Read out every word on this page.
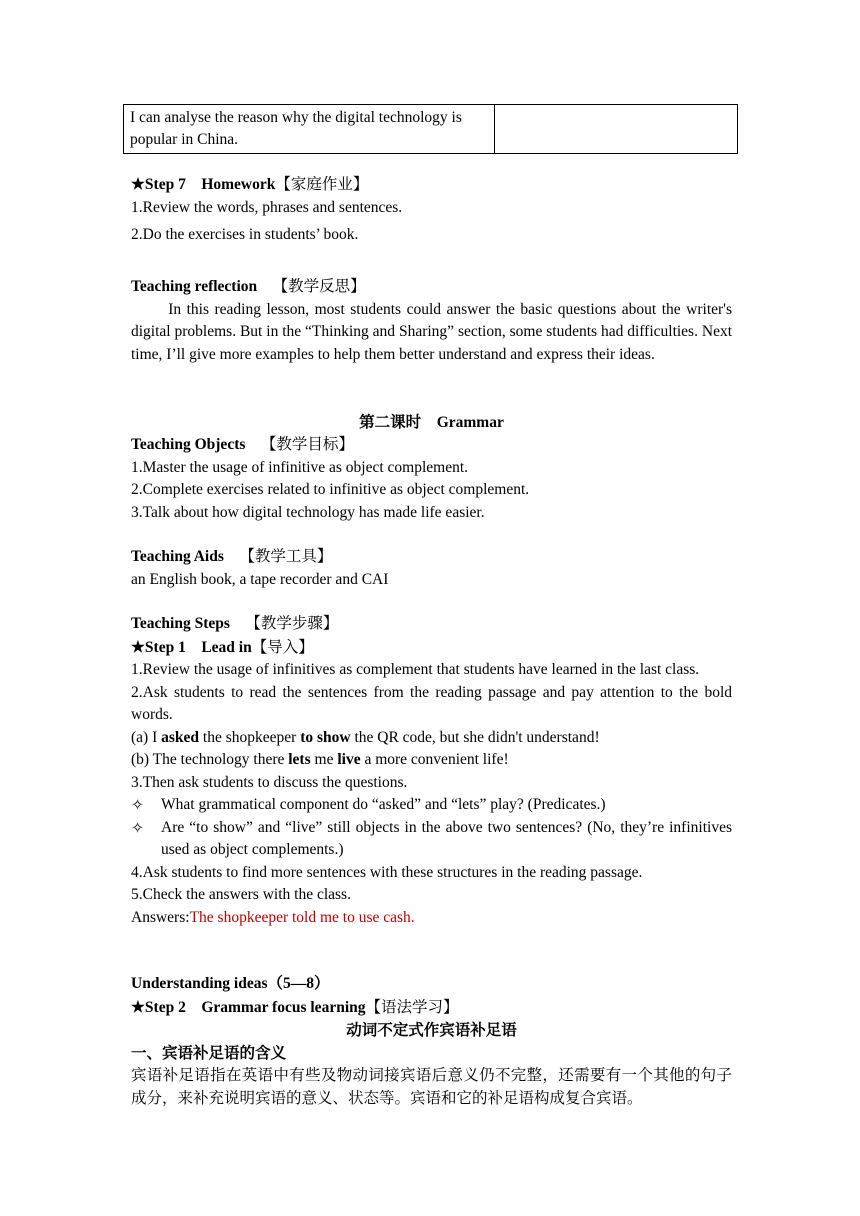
I can analyse the reason why the digital technology is popular in China.	
★Step 7 Homework【家庭作业】
1.Review the words, phrases and sentences.
2.Do the exercises in students’ book.
Teaching reflection 【教学反思】
In this reading lesson, most students could answer the basic questions about the writer's digital problems. But in the “Thinking and Sharing” section, some students had difficulties. Next time, I’ll give more examples to help them better understand and express their ideas.
第二课时 Grammar
Teaching Objects 【教学目标】
1.Master the usage of infinitive as object complement.
2.Complete exercises related to infinitive as object complement.
3.Talk about how digital technology has made life easier.
Teaching Aids 【教学工具】
an English book, a tape recorder and CAI
Teaching Steps 【教学步骤】
★Step 1 Lead in【导入】
1.Review the usage of infinitives as complement that students have learned in the last class.
2.Ask students to read the sentences from the reading passage and pay attention to the bold words.
(a) I asked the shopkeeper to show the QR code, but she didn't understand!
(b) The technology there lets me live a more convenient life!
3.Then ask students to discuss the questions.
✧	What grammatical component do “asked” and “lets” play? (Predicates.)
✧	Are “to show” and “live” still objects in the above two sentences? (No, they’re infinitives used as object complements.)
4.Ask students to find more sentences with these structures in the reading passage.
5.Check the answers with the class.
Answers:The shopkeeper told me to use cash.
Understanding ideas（5—8）
★Step 2 Grammar focus learning【语法学习】
动词不定式作宾语补足语
一、宾语补足语的含义
宾语补足语指在英语中有些及物动词接宾语后意义仍不完整，还需要有一个其他的句子成分，来补充说明宾语的意义、状态等。宾语和它的补足语构成复合宾语。
